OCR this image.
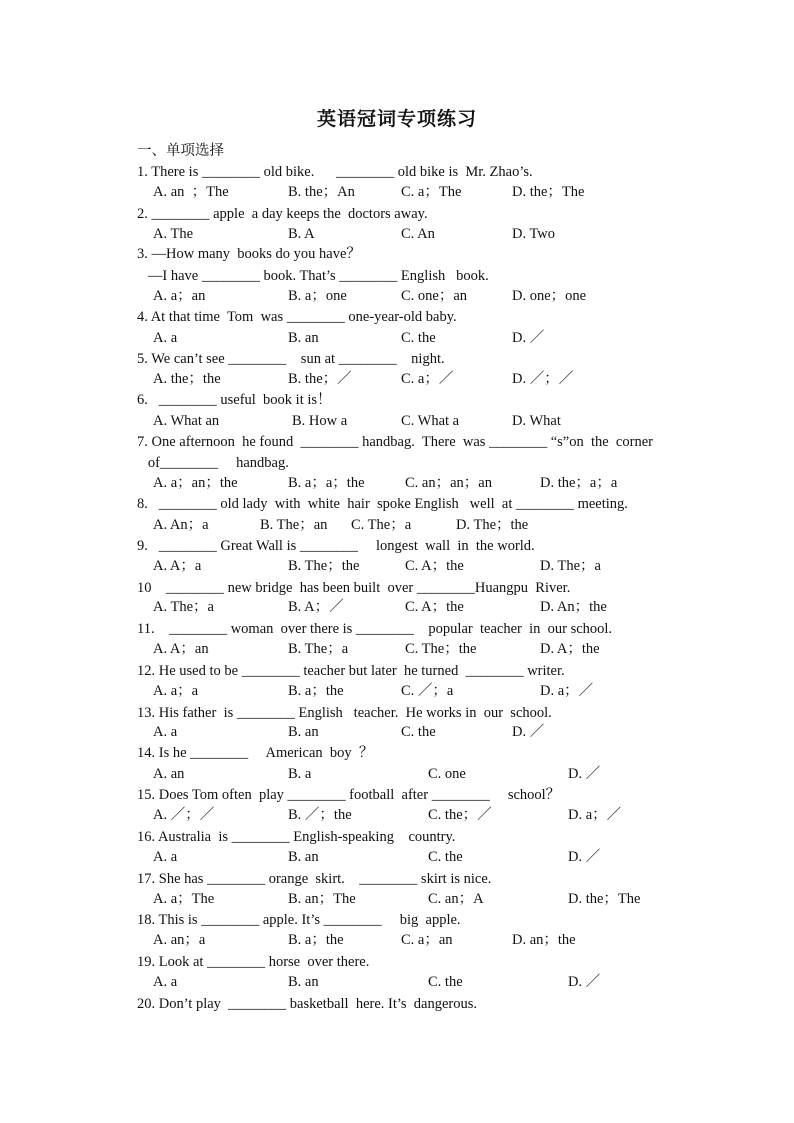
英语冠词专项练习
一、单项选择
1. There is ________ old bike.      ________ old bike is  Mr. Zhao’s.
A. an  ；The	B. the；An	C. a；The	D. the；The
2. ________ apple  a day keeps the  doctors away.
A. The	B. A	C. An	D. Two
3. —How many  books do you have？
—I have ________ book. That’s ________ English   book.
A. a；an	B. a；one	C. one；an	D. one；one
4. At that time  Tom  was ________ one-year-old baby.
A. a	B. an	C. the	D. ／
5. We can’t see ________    sun at ________    night.
A. the；the	B. the；／	C. a；／	D. ／；／
6.   ________ useful  book it is！
A. What an	B. How a	C. What a	D. What
7. One afternoon  he found  ________ handbag.  There  was ________ “s”on  the  corner
of________     handbag.
A. a；an；the	B. a；a；the	C. an；an；an	D. the；a；a
8.   ________ old lady  with  white  hair  spoke English   well  at ________ meeting.
A. An；a	B. The；an C. The；a	D. The；the
9.   ________ Great Wall is ________     longest  wall  in  the world.
A. A；a	B. The；the	C. A；the	D. The；a
10    ________ new bridge  has been built  over ________Huangpu  River.
A. The；a	B. A；／	C. A；the	D. An；the
11.    ________ woman  over there is ________    popular  teacher  in  our school.
A. A；an	B. The；a	C. The；the	D. A；the
12. He used to be ________ teacher but later  he turned  ________ writer.
A. a；a	B. a；the	C. ／；a	D. a；／
13. His father  is ________ English   teacher.  He works in  our  school.
A. a	B. an	C. the	D. ／
14. Is he ________     American  boy  ？
A. an	B. a	C. one	D. ／
15. Does Tom often  play ________ football  after ________     school？
A. ／；／	B. ／；the	C. the；／	D. a；／
16. Australia  is ________ English-speaking    country.
A. a	B. an	C. the	D. ／
17. She has ________ orange  skirt.    ________ skirt is nice.
A. a；The	B. an；The	C. an；A	D. the；The
18. This is ________ apple. It’s ________     big  apple.
A. an；a	B. a；the	C. a；an	D. an；the
19. Look at ________ horse  over there.
A. a	B. an	C. the	D. ／
20. Don’t play  ________ basketball  here. It’s  dangerous.
